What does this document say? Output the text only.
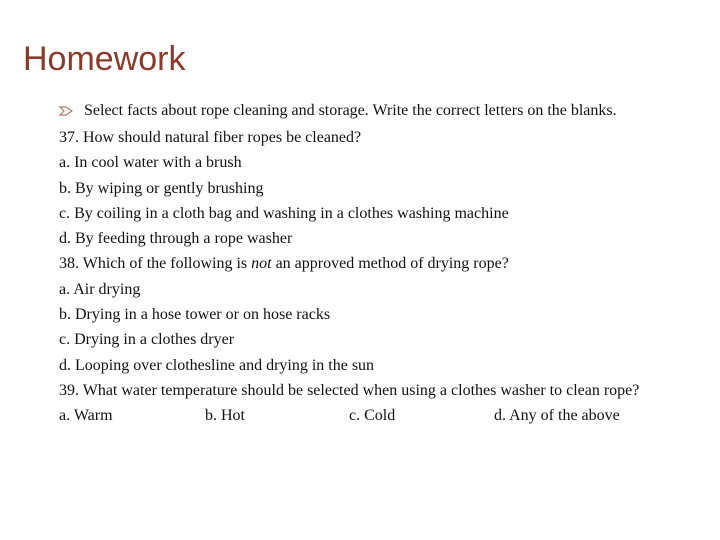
Homework
Select facts about rope cleaning and storage. Write the correct letters on the blanks.
37. How should natural fiber ropes be cleaned?
a. In cool water with a brush
b. By wiping or gently brushing
c. By coiling in a cloth bag and washing in a clothes washing machine
d. By feeding through a rope washer
38. Which of the following is not an approved method of drying rope?
a. Air drying
b. Drying in a hose tower or on hose racks
c. Drying in a clothes dryer
d. Looping over clothesline and drying in the sun
39. What water temperature should be selected when using a clothes washer to clean rope?
a. Warm	b. Hot	c. Cold	d. Any of the above
